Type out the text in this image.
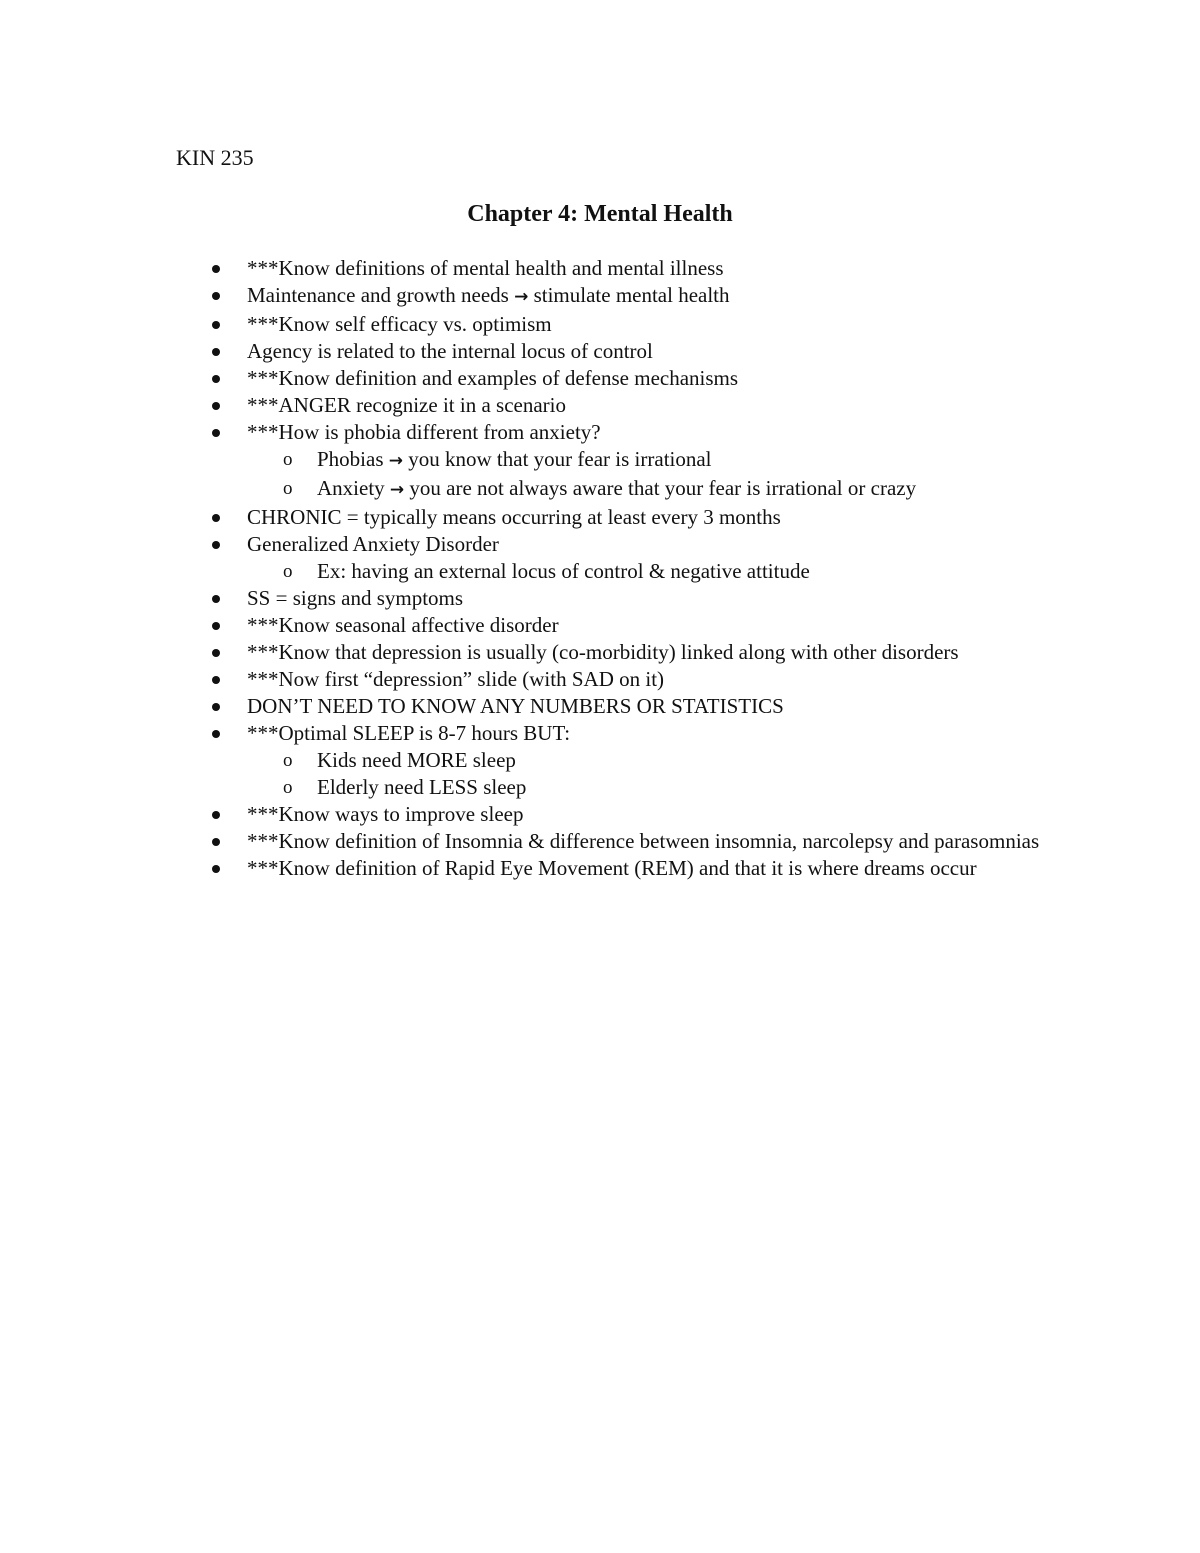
KIN 235

Chapter 4: Mental Health
***Know definitions of mental health and mental illness
Maintenance and growth needs → stimulate mental health
***Know self efficacy vs. optimism
Agency is related to the internal locus of control
***Know definition and examples of defense mechanisms
***ANGER recognize it in a scenario
***How is phobia different from anxiety?
o Phobias → you know that your fear is irrational
o Anxiety → you are not always aware that your fear is irrational or crazy
CHRONIC = typically means occurring at least every 3 months
Generalized Anxiety Disorder
o Ex: having an external locus of control & negative attitude
SS = signs and symptoms
***Know seasonal affective disorder
***Know that depression is usually (co-morbidity) linked along with other disorders
***Now first “depression” slide (with SAD on it)
DON’T NEED TO KNOW ANY NUMBERS OR STATISTICS
***Optimal SLEEP is 8-7 hours BUT:
o Kids need MORE sleep
o Elderly need LESS sleep
***Know ways to improve sleep
***Know definition of Insomnia & difference between insomnia, narcolepsy and parasomnias
***Know definition of Rapid Eye Movement (REM) and that it is where dreams occur
